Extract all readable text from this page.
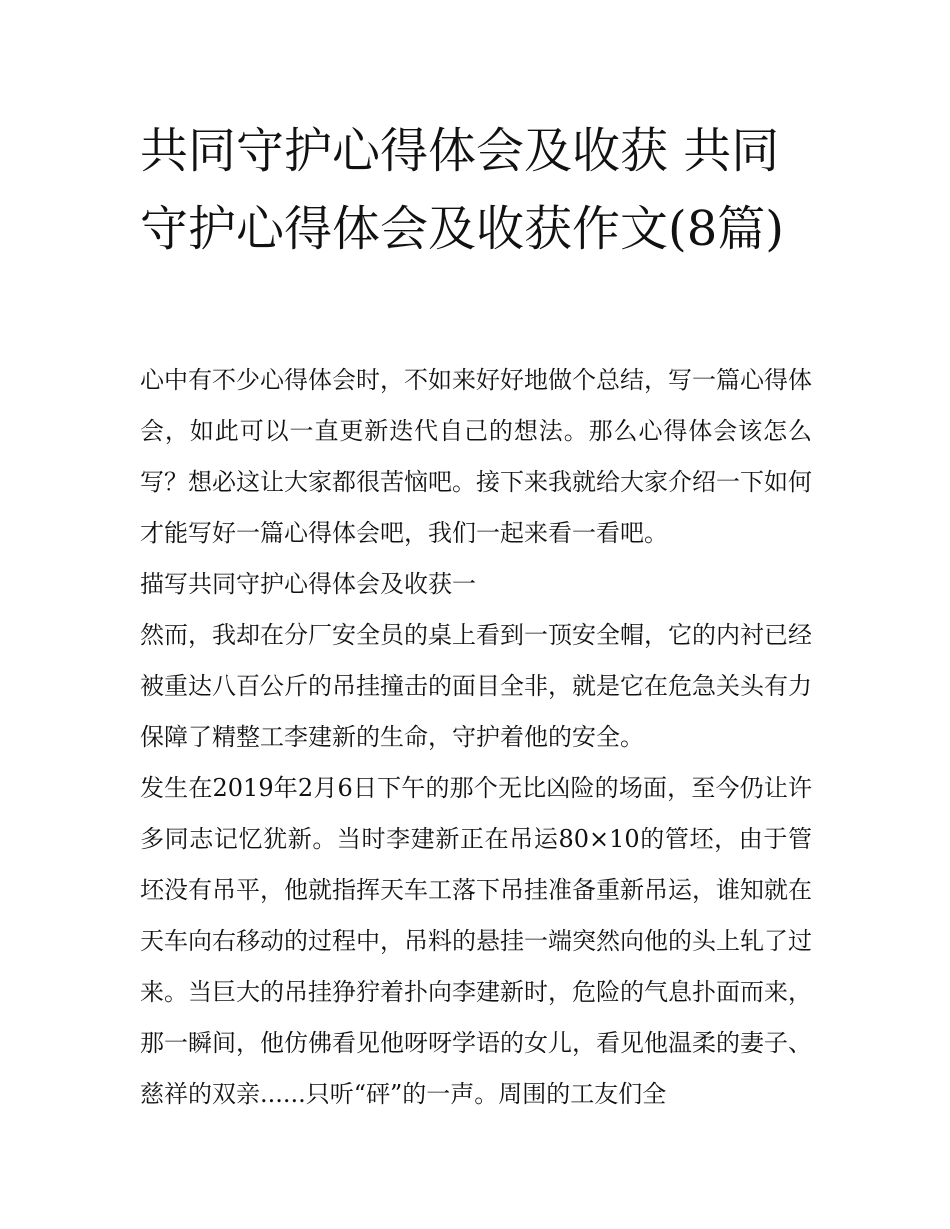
共同守护心得体会及收获 共同守护心得体会及收获作文(8篇)

心中有不少心得体会时，不如来好好地做个总结，写一篇心得体会，如此可以一直更新迭代自己的想法。那么心得体会该怎么写？想必这让大家都很苦恼吧。接下来我就给大家介绍一下如何才能写好一篇心得体会吧，我们一起来看一看吧。

描写共同守护心得体会及收获一

然而，我却在分厂安全员的桌上看到一顶安全帽，它的内衬已经被重达八百公斤的吊挂撞击的面目全非，就是它在危急关头有力保障了精整工李建新的生命，守护着他的安全。

发生在2019年2月6日下午的那个无比凶险的场面，至今仍让许多同志记忆犹新。当时李建新正在吊运80×10的管坯，由于管坯没有吊平，他就指挥天车工落下吊挂准备重新吊运，谁知就在天车向右移动的过程中，吊料的悬挂一端突然向他的头上轧了过来。当巨大的吊挂狰狞着扑向李建新时，危险的气息扑面而来，那一瞬间，他仿佛看见他呀呀学语的女儿，看见他温柔的妻子、慈祥的双亲......只听“砰”的一声。周围的工友们全
